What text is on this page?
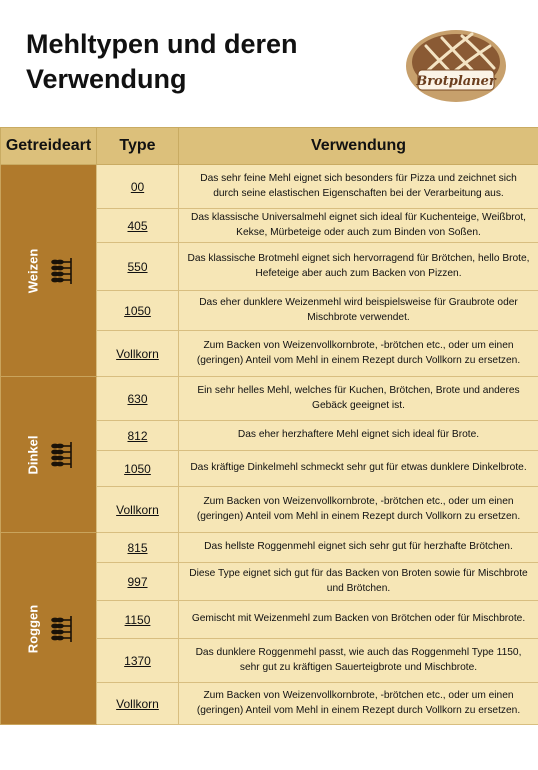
Mehltypen und deren
Verwendung	Brotplaner
Getreideart	Type	Verwendung

Weizen	00	Das sehr feine Mehl eignet sich besonders für Pizza und zeichnet sich durch seine elastischen Eigenschaften bei der Verarbeitung aus.
	405	Das klassische Universalmehl eignet sich ideal für Kuchenteige, Weißbrot, Kekse, Mürbeteige oder auch zum Binden von Soßen.
	550	Das klassische Brotmehl eignet sich hervorragend für Brötchen, hello Brote, Hefeteige aber auch zum Backen von Pizzen.
	1050	Das eher dunklere Weizenmehl wird beispielsweise für Graubrote oder Mischbrote verwendet.
	Vollkorn	Zum Backen von Weizenvollkornbrote, -brötchen etc., oder um einen (geringen) Anteil vom Mehl in einem Rezept durch Vollkorn zu ersetzen.

Dinkel	630	Ein sehr helles Mehl, welches für Kuchen, Brötchen, Brote und anderes Gebäck geeignet ist.
	812	Das eher herzhaftere Mehl eignet sich ideal für Brote.
	1050	Das kräftige Dinkelmehl schmeckt sehr gut für etwas dunklere Dinkelbrote.
	Vollkorn	Zum Backen von Weizenvollkornbrote, -brötchen etc., oder um einen (geringen) Anteil vom Mehl in einem Rezept durch Vollkorn zu ersetzen.

Roggen	815	Das hellste Roggenmehl eignet sich sehr gut für herzhafte Brötchen.
	997	Diese Type eignet sich gut für das Backen von Broten sowie für Mischbrote und Brötchen.
	1150	Gemischt mit Weizenmehl zum Backen von Brötchen oder für Mischbrote.
	1370	Das dunklere Roggenmehl passt, wie auch das Roggenmehl Type 1150, sehr gut zu kräftigen Sauerteigbrote und Mischbrote.
	Vollkorn	Zum Backen von Weizenvollkornbrote, -brötchen etc., oder um einen (geringen) Anteil vom Mehl in einem Rezept durch Vollkorn zu ersetzen.
